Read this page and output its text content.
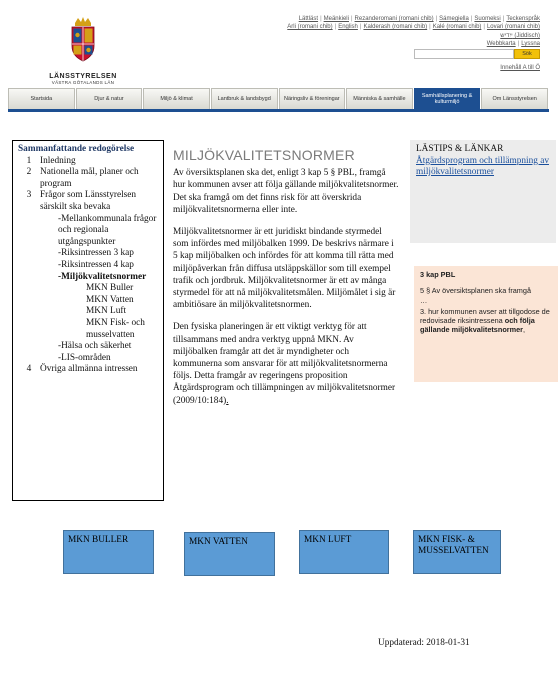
LÄNSSTYRELSEN
VÄSTRA GÖTALANDS LÄN
Lättläst | Meänkieli | Rezanderomani (romani chib) | Sámegiella | Suomeksi | Teckenspråk
Arli (romani chib) | English | Kalderash (romani chib) | Kalé (romani chib) | Lovari (romani chib)
ייִדיש (Jiddisch)
Webbkarta | Lyssna
Sök
Innehåll A till Ö
Startsida	Djur & natur	Miljö & klimat	Lantbruk & landsbygd	Näringsliv & föreningar	Människa & samhälle
Samhällsplanering & kulturmiljö
Om Länsstyrelsen
Sammanfattande redogörelse
1 Inledning
2 Nationella mål, planer och program
3 Frågor som Länsstyrelsen särskilt ska bevaka
-Mellankommunala frågor och regionala utgångspunkter
-Riksintressen 3 kap
-Riksintressen 4 kap
-Miljökvalitetsnormer
MKN Buller
MKN Vatten
MKN Luft
MKN Fisk- och musselvatten
-Hälsa och säkerhet
-LIS-områden
4 Övriga allmänna intressen
MILJÖKVALITETSNORMER

Av översiktsplanen ska det, enligt 3 kap 5 § PBL, framgå hur kommunen avser att följa gällande miljökvalitetsnormer. Det ska framgå om det finns risk för att överskrida miljökvalitetsnormerna eller inte.

Miljökvalitetsnormer är ett juridiskt bindande styrmedel som infördes med miljöbalken 1999. De beskrivs närmare i 5 kap miljöbalken och infördes för att komma till rätta med miljöpåverkan från diffusa utsläppskällor som till exempel trafik och jordbruk. Miljökvalitetsnormer är ett av många styrmedel för att nå miljökvalitetsmålen. Miljömålet i sig är ambitiösare än miljökvalitetsnormen.

Den fysiska planeringen är ett viktigt verktyg för att tillsammans med andra verktyg uppnå MKN. Av miljöbalken framgår att det är myndigheter och kommunerna som ansvarar för att miljökvalitetsnormerna följs. Detta framgår av regeringens proposition Åtgärdsprogram och tillämpningen av miljökvalitetsnormer (2009/10:184).

LÄSTIPS & LÄNKAR
Åtgärdsprogram och tillämpning av miljökvalitetsnormer
3 kap PBL

5 § Av översiktsplanen ska framgå

…

3. hur kommunen avser att tillgodose de redovisade riksintressena och följa gällande miljökvalitetsnormer,

MKN BULLER	MKN VATTEN	MKN LUFT	MKN FISK- & MUSSELVATTEN
Uppdaterad: 2018-01-31
